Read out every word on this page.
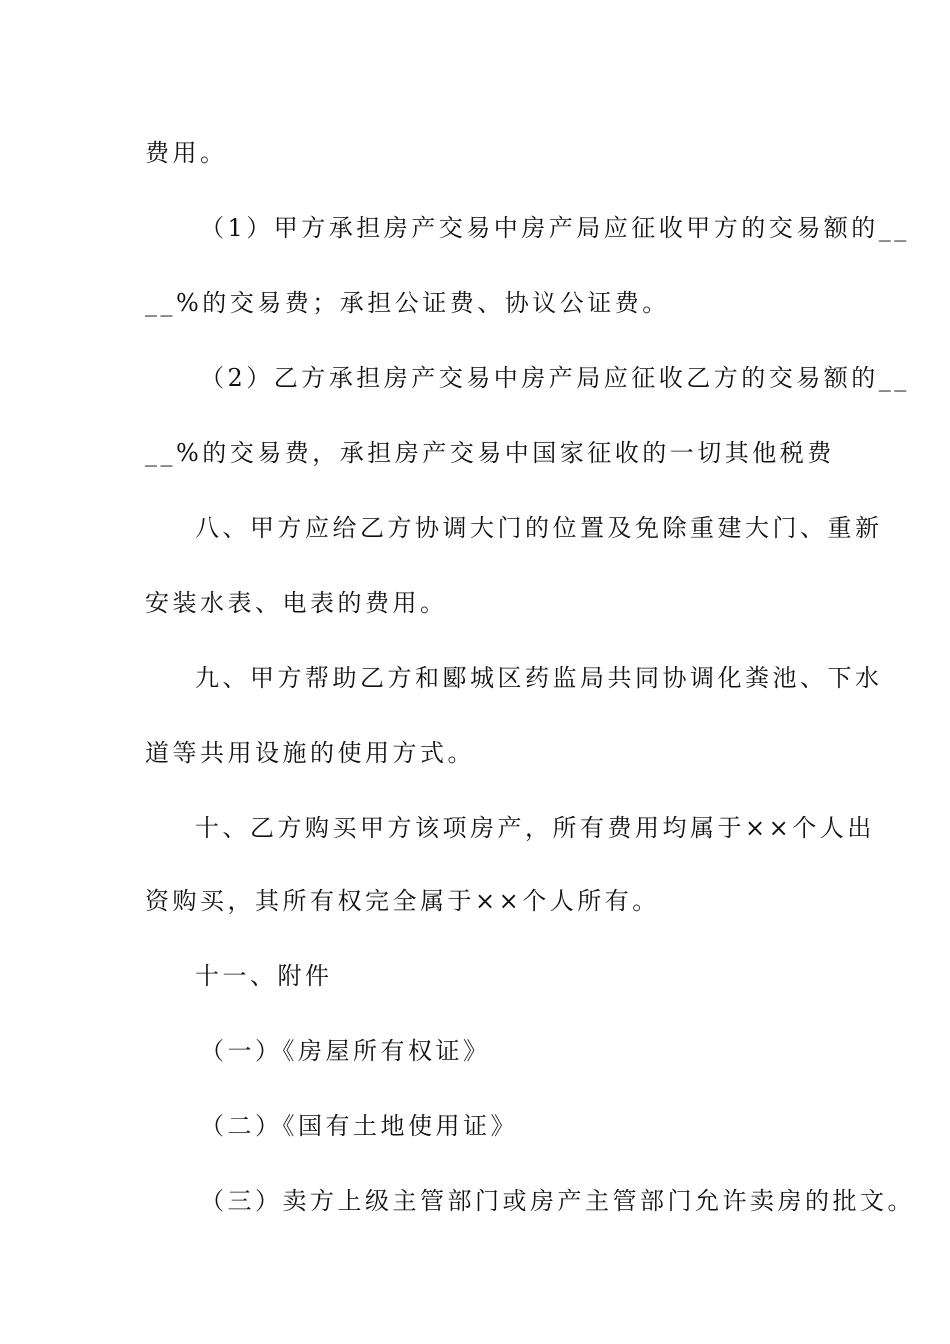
费用。
（1）甲方承担房产交易中房产局应征收甲方的交易额的__
__%的交易费；承担公证费、协议公证费。
（2）乙方承担房产交易中房产局应征收乙方的交易额的__
__%的交易费，承担房产交易中国家征收的一切其他税费
八、甲方应给乙方协调大门的位置及免除重建大门、重新
安装水表、电表的费用。
九、甲方帮助乙方和郾城区药监局共同协调化粪池、下水
道等共用设施的使用方式。
十、乙方购买甲方该项房产，所有费用均属于××个人出
资购买，其所有权完全属于××个人所有。
十一、附件
（一）《房屋所有权证》
（二）《国有土地使用证》
（三）卖方上级主管部门或房产主管部门允许卖房的批文。
